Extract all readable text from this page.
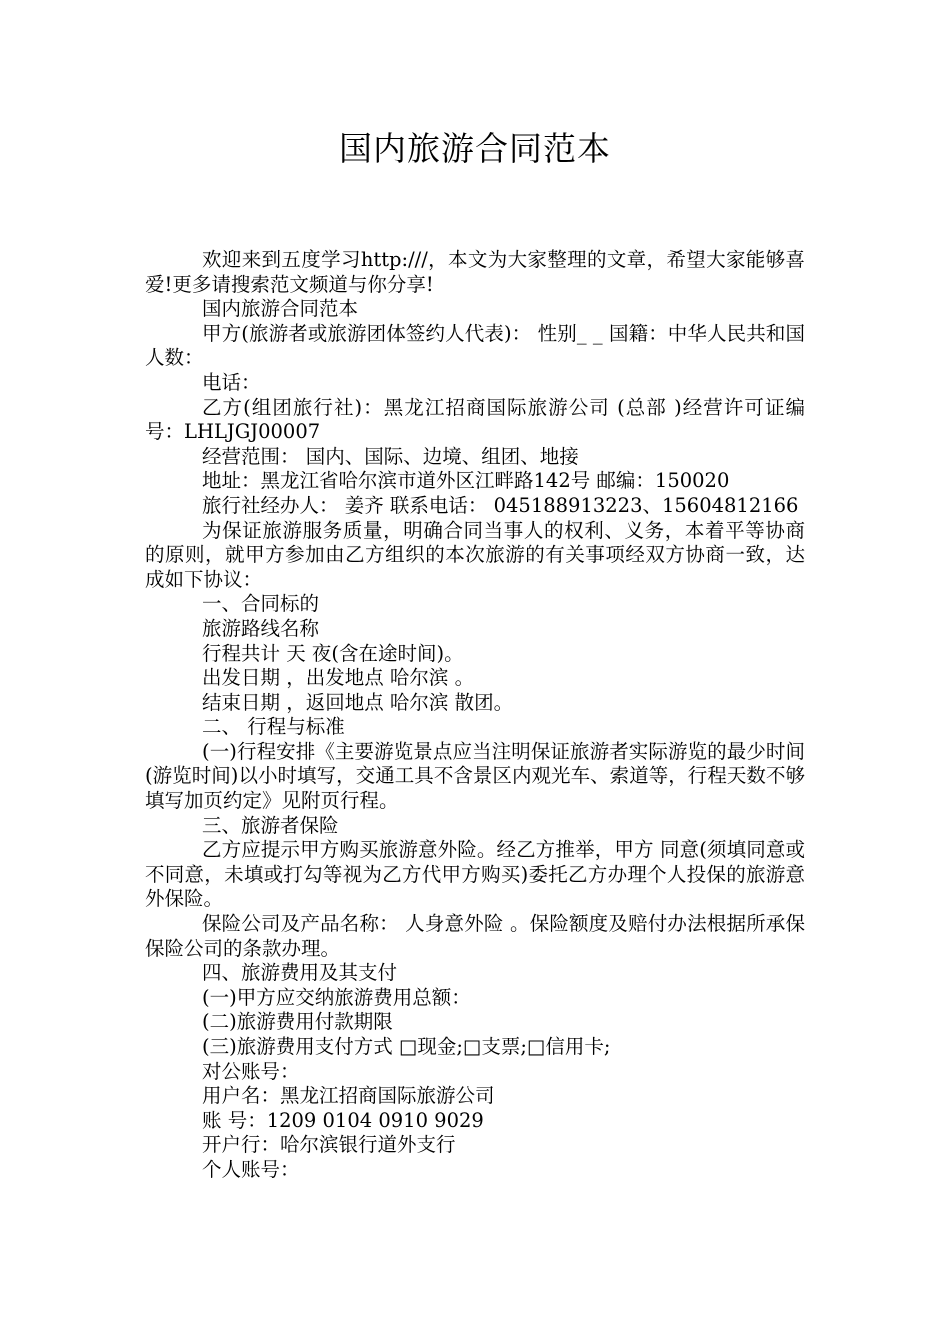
国内旅游合同范本

欢迎来到五度学习http:///，本文为大家整理的文章，希望大家能够喜爱!更多请搜索范文频道与你分享!

国内旅游合同范本

甲方(旅游者或旅游团体签约人代表)： 性别_ _ 国籍：中华人民共和国 人数：

电话：

乙方(组团旅行社)：黑龙江招商国际旅游公司 (总部 )经营许可证编号：LHLJGJ00007

经营范围： 国内、国际、边境、组团、地接

地址：黑龙江省哈尔滨市道外区江畔路142号 邮编：150020

旅行社经办人： 姜齐 联系电话： 045188913223、15604812166

为保证旅游服务质量，明确合同当事人的权利、义务，本着平等协商的原则，就甲方参加由乙方组织的本次旅游的有关事项经双方协商一致，达成如下协议：

一、合同标的

旅游路线名称

行程共计 天 夜(含在途时间)。

出发日期 ，出发地点 哈尔滨 。

结束日期 ，返回地点 哈尔滨 散团。

二、 行程与标准

(一)行程安排《主要游览景点应当注明保证旅游者实际游览的最少时间(游览时间)以小时填写，交通工具不含景区内观光车、索道等，行程天数不够填写加页约定》见附页行程。

三、旅游者保险

乙方应提示甲方购买旅游意外险。经乙方推举，甲方 同意(须填同意或不同意，未填或打勾等视为乙方代甲方购买)委托乙方办理个人投保的旅游意外保险。

保险公司及产品名称： 人身意外险 。保险额度及赔付办法根据所承保保险公司的条款办理。

四、旅游费用及其支付

(一)甲方应交纳旅游费用总额：

(二)旅游费用付款期限

(三)旅游费用支付方式 □现金;□支票;□信用卡;

对公账号：

用户名：黑龙江招商国际旅游公司

账 号：1209 0104 0910 9029

开户行：哈尔滨银行道外支行

个人账号：
